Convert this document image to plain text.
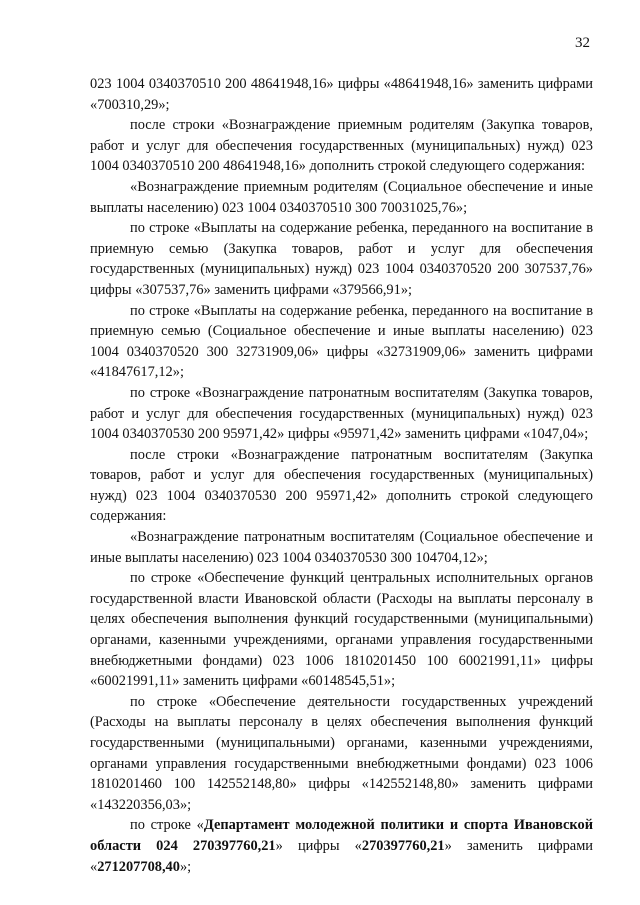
32

023 1004 0340370510 200 48641948,16» цифры «48641948,16» заменить цифрами «700310,29»;

после строки «Вознаграждение приемным родителям (Закупка товаров, работ и услуг для обеспечения государственных (муниципальных) нужд) 023 1004 0340370510 200 48641948,16» дополнить строкой следующего содержания:

«Вознаграждение приемным родителям (Социальное обеспечение и иные выплаты населению) 023 1004 0340370510 300 70031025,76»;

по строке «Выплаты на содержание ребенка, переданного на воспитание в приемную семью (Закупка товаров, работ и услуг для обеспечения государственных (муниципальных) нужд) 023 1004 0340370520 200 307537,76» цифры «307537,76» заменить цифрами «379566,91»;

по строке «Выплаты на содержание ребенка, переданного на воспитание в приемную семью (Социальное обеспечение и иные выплаты населению) 023 1004 0340370520 300 32731909,06» цифры «32731909,06» заменить цифрами «41847617,12»;

по строке «Вознаграждение патронатным воспитателям (Закупка товаров, работ и услуг для обеспечения государственных (муниципальных) нужд) 023 1004 0340370530 200 95971,42» цифры «95971,42» заменить цифрами «1047,04»;

после строки «Вознаграждение патронатным воспитателям (Закупка товаров, работ и услуг для обеспечения государственных (муниципальных) нужд) 023 1004 0340370530 200 95971,42» дополнить строкой следующего содержания:

«Вознаграждение патронатным воспитателям (Социальное обеспечение и иные выплаты населению) 023 1004 0340370530 300 104704,12»;

по строке «Обеспечение функций центральных исполнительных органов государственной власти Ивановской области (Расходы на выплаты персоналу в целях обеспечения выполнения функций государственными (муниципальными) органами, казенными учреждениями, органами управления государственными внебюджетными фондами) 023 1006 1810201450 100 60021991,11» цифры «60021991,11» заменить цифрами «60148545,51»;

по строке «Обеспечение деятельности государственных учреждений (Расходы на выплаты персоналу в целях обеспечения выполнения функций государственными (муниципальными) органами, казенными учреждениями, органами управления государственными внебюджетными фондами) 023 1006 1810201460 100 142552148,80» цифры «142552148,80» заменить цифрами «143220356,03»;

по строке «Департамент молодежной политики и спорта Ивановской области 024 270397760,21» цифры «270397760,21» заменить цифрами «271207708,40»;
